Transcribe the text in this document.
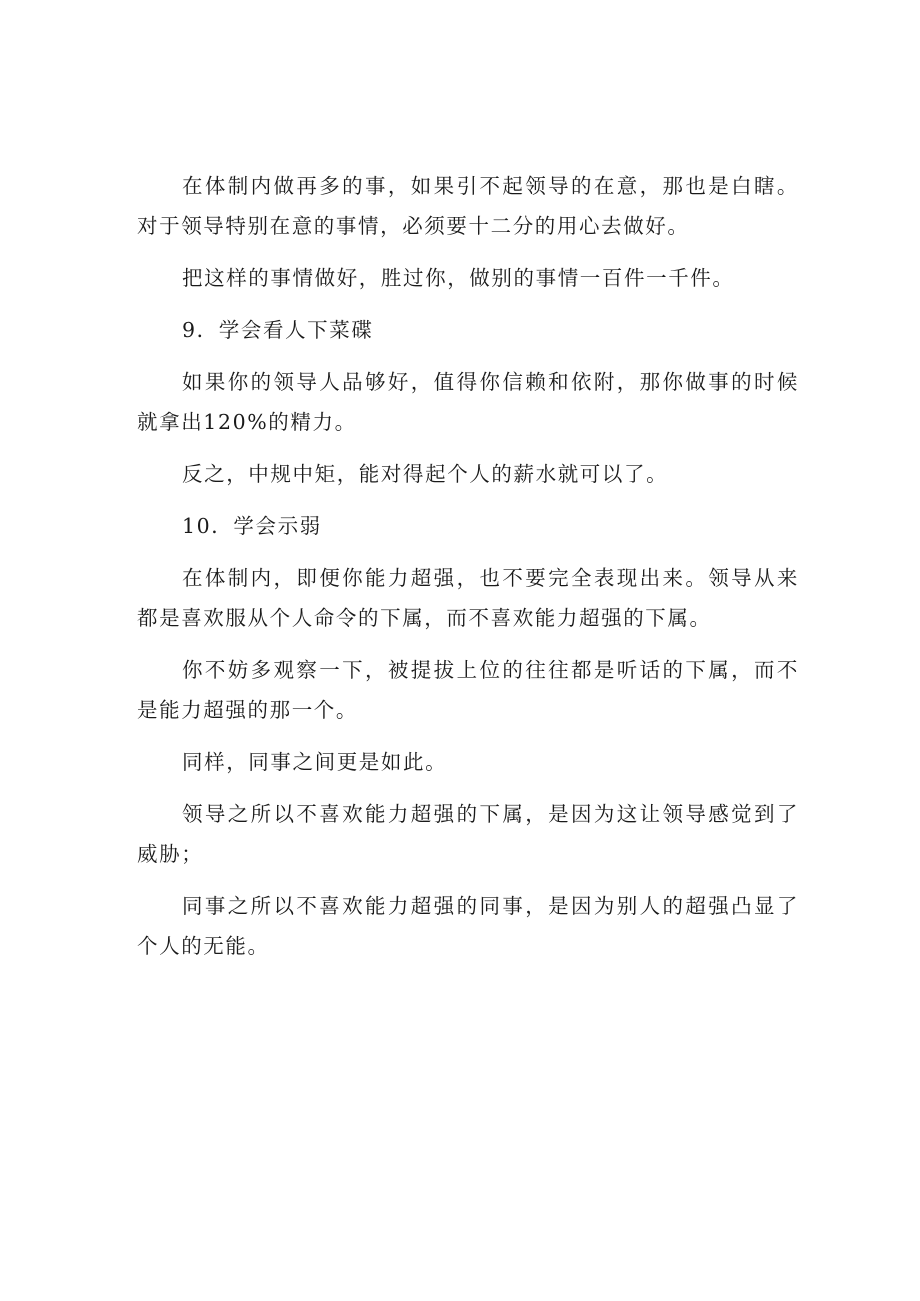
在体制内做再多的事，如果引不起领导的在意，那也是白瞎。对于领导特别在意的事情，必须要十二分的用心去做好。

把这样的事情做好，胜过你，做别的事情一百件一千件。

9．学会看人下菜碟

如果你的领导人品够好，值得你信赖和依附，那你做事的时候就拿出120%的精力。

反之，中规中矩，能对得起个人的薪水就可以了。

10．学会示弱

在体制内，即便你能力超强，也不要完全表现出来。领导从来都是喜欢服从个人命令的下属，而不喜欢能力超强的下属。

你不妨多观察一下，被提拔上位的往往都是听话的下属，而不是能力超强的那一个。

同样，同事之间更是如此。

领导之所以不喜欢能力超强的下属，是因为这让领导感觉到了威胁；

同事之所以不喜欢能力超强的同事，是因为别人的超强凸显了个人的无能。
